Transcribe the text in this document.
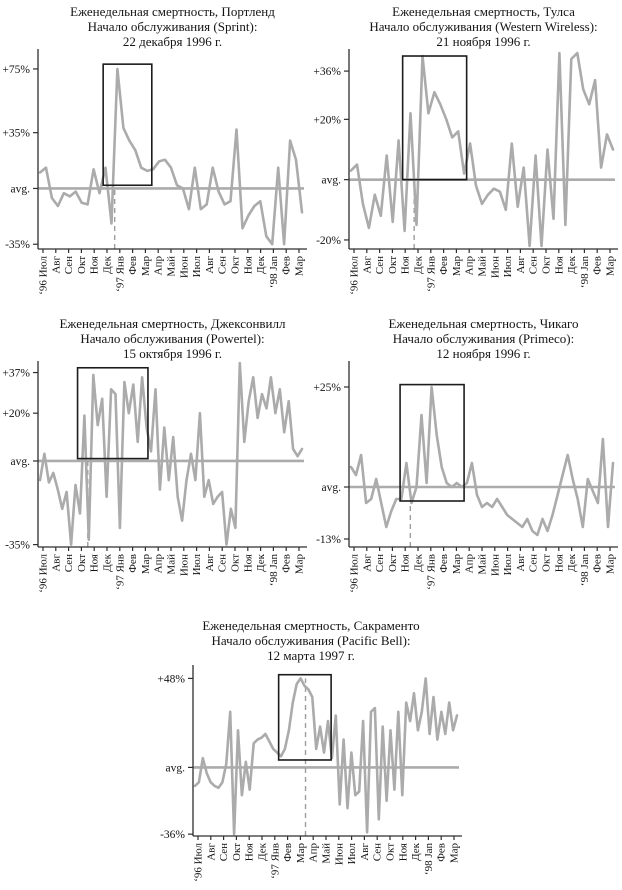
Еженедельная смертность, Портленд
Начало обслуживания (Sprint):
22 декабря 1996 г.
+75%
+35%
avg.
-35%
‘96 Июл Авг Сен Окт Ноя Дек ‘97 Янв Фев Мар Апр Май Июн Июл Авг Сен Окт Ноя Дек ‘98 Jan Фев Мар
Еженедельная смертность, Тулса
Начало обслуживания (Western Wireless):
21 ноября 1996 г.
+36%
+20%
avg.
-20%
‘96 Июл Авг Сен Окт Ноя Дек ‘97 Янв Фев Мар Апр Май Июн Июл Авг Сен Окт Ноя Дек ‘98 Jan Фев Мар
Еженедельная смертность, Джексонвилл
Начало обслуживания (Powertel):
15 октября 1996 г.
+37%
+20%
avg.
-35%
‘96 Июл Авг Сен Окт Ноя Дек ‘97 Янв Фев Мар Апр Май Июн Июл Авг Сен Окт Ноя Дек ‘98 Jan Фев Мар
Еженедельная смертность, Чикаго
Начало обслуживания (Primeco):
12 ноября 1996 г.
+25%
avg.
-13%
‘96 Июл Авг Сен Окт Ноя Дек ‘97 Янв Фев Мар Апр Май Июн Июл Авг Сен Окт Ноя Дек ‘98 Jan Фев Мар
Еженедельная смертность, Сакраменто
Начало обслуживания (Pacific Bell):
12 марта 1997 г.
+48%
avg.
-36%
‘96 Июл Авг Сен Окт Ноя Дек ‘97 Янв Фев Мар Апр Май Июн Июл Авг Сен Окт Ноя Дек ‘98 Jan Фев Мар
